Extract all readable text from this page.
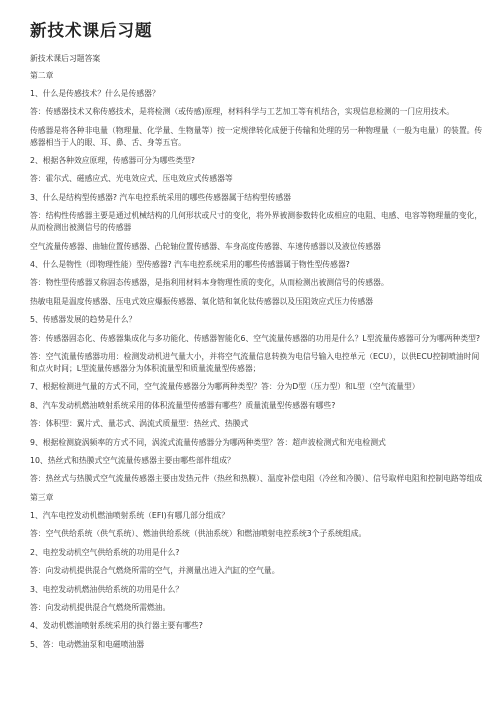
新技术课后习题

新技术课后习题答案

第二章

1、什么是传感技术？什么是传感器？

答：传感器技术又称传感技术，是将检测（或传感)原理，材料科学与工艺加工等有机结合，实现信息检测的一门应用技术。

传感器是将各种非电量（物理量、化学量、生物量等）按一定规律转化成便于传输和处理的另一种物理量（一般为电量）的装置。传感器相当于人的眼、耳、鼻、舌、身等五官。

2、根据各种效应原理，传感器可分为哪些类型?

答：霍尔式、磁感应式、光电效应式、压电效应式传感器等

3、什么是结构型传感器? 汽车电控系统采用的哪些传感器属于结构型传感器

答：结构性传感器主要是通过机械结构的几何形状或尺寸的变化，将外界被测参数转化成相应的电阻、电感、电容等物理量的变化，从而检测出被测信号的传感器

空气流量传感器、曲轴位置传感器、凸轮轴位置传感器、车身高度传感器、车速传感器以及液位传感器

4、什么是物性（即物理性能）型传感器? 汽车电控系统采用的哪些传感器属于物性型传感器?

答：物性型传感器又称固态传感器，是指利用材料本身物理性质的变化，从而检测出被测信号的传感器。

热敏电阻是温度传感器、压电式效应爆振传感器、氧化锆和氧化钛传感器以及压阻效应式压力传感器

5、传感器发展的趋势是什么？

答：传感器固态化、传感器集成化与多功能化、传感器智能化6、空气流量传感器的功用是什么？L型流量传感器可分为哪两种类型?

答：空气流量传感器功用：检测发动机进气量大小，并将空气流量信息转换为电信号输入电控单元（ECU），以供ECU控制喷油时间和点火时间；L型流量传感器分为体积流量型和质量流量型传感器；

7、根据检测进气量的方式不同，空气流量传感器分为哪两种类型？答：分为D型（压力型）和L型（空气流量型）

8、汽车发动机燃油喷射系统采用的体积流量型传感器有哪些？质量流量型传感器有哪些?

答：体积型：翼片式、量芯式、涡流式质量型：热丝式、热膜式

9、根据检测旋涡频率的方式不同，涡流式流量传感器分为哪两种类型？答：超声波检测式和光电检测式

10、热丝式和热膜式空气流量传感器主要由哪些部件组成？

答：热丝式与热膜式空气流量传感器主要由发热元件（热丝和热膜）、温度补偿电阻（冷丝和冷膜）、信号取样电阻和控制电路等组成

第三章

1、汽车电控发动机燃油喷射系统（EFI)有哪几部分组成？

答：空气供给系统（供气系统）、燃油供给系统（供油系统）和燃油喷射电控系统3个子系统组成。

2、电控发动机空气供给系统的功用是什么?

答：向发动机提供混合气燃烧所需的空气，并测量出进入汽缸的空气量。

3、电控发动机燃油供给系统的功用是什么？

答：向发动机提供混合气燃烧所需燃油。

4、发动机燃油喷射系统采用的执行器主要有哪些?

5、答：电动燃油泵和电磁喷油器
